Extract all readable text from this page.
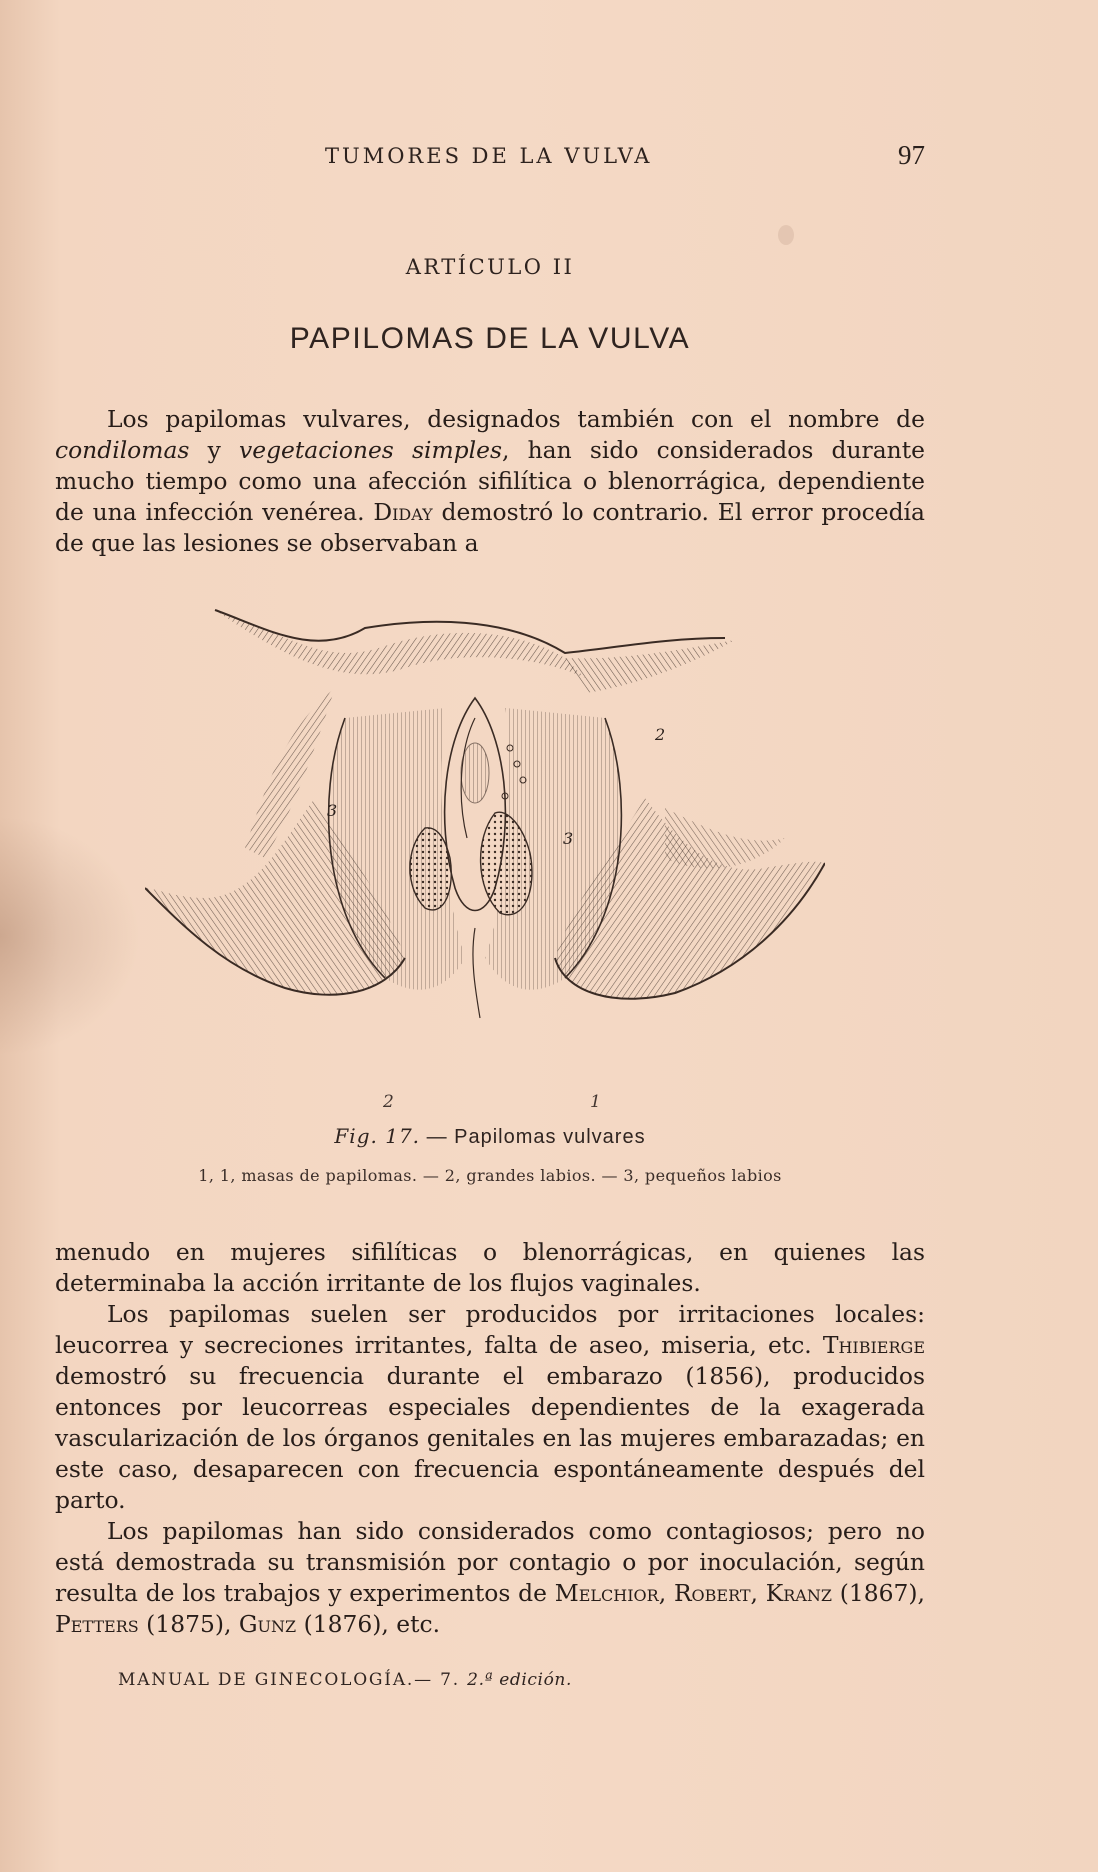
TUMORES DE LA VULVA	97
ARTÍCULO II
PAPILOMAS DE LA VULVA

Los papilomas vulvares, designados también con el nombre de condilomas y vegetaciones simples, han sido considerados durante mucho tiempo como una afección sifilítica o blenorrágica, dependiente de una infección venérea. Diday demostró lo contrario. El error procedía de que las lesiones se observaban a

2
3
3
2	1
Fig. 17. — Papilomas vulvares
1, 1, masas de papilomas. — 2, grandes labios. — 3, pequeños labios

menudo en mujeres sifilíticas o blenorrágicas, en quienes las determinaba la acción irritante de los flujos vaginales.

Los papilomas suelen ser producidos por irritaciones locales: leucorrea y secreciones irritantes, falta de aseo, miseria, etc. Thibierge demostró su frecuencia durante el embarazo (1856), producidos entonces por leucorreas especiales dependientes de la exagerada vascularización de los órganos genitales en las mujeres embarazadas; en este caso, desaparecen con frecuencia espontáneamente después del parto.

Los papilomas han sido considerados como contagiosos; pero no está demostrada su transmisión por contagio o por inoculación, según resulta de los trabajos y experimentos de Melchior, Robert, Kranz (1867), Petters (1875), Gunz (1876), etc.

MANUAL DE GINECOLOGÍA.— 7. 2.ª edición.
